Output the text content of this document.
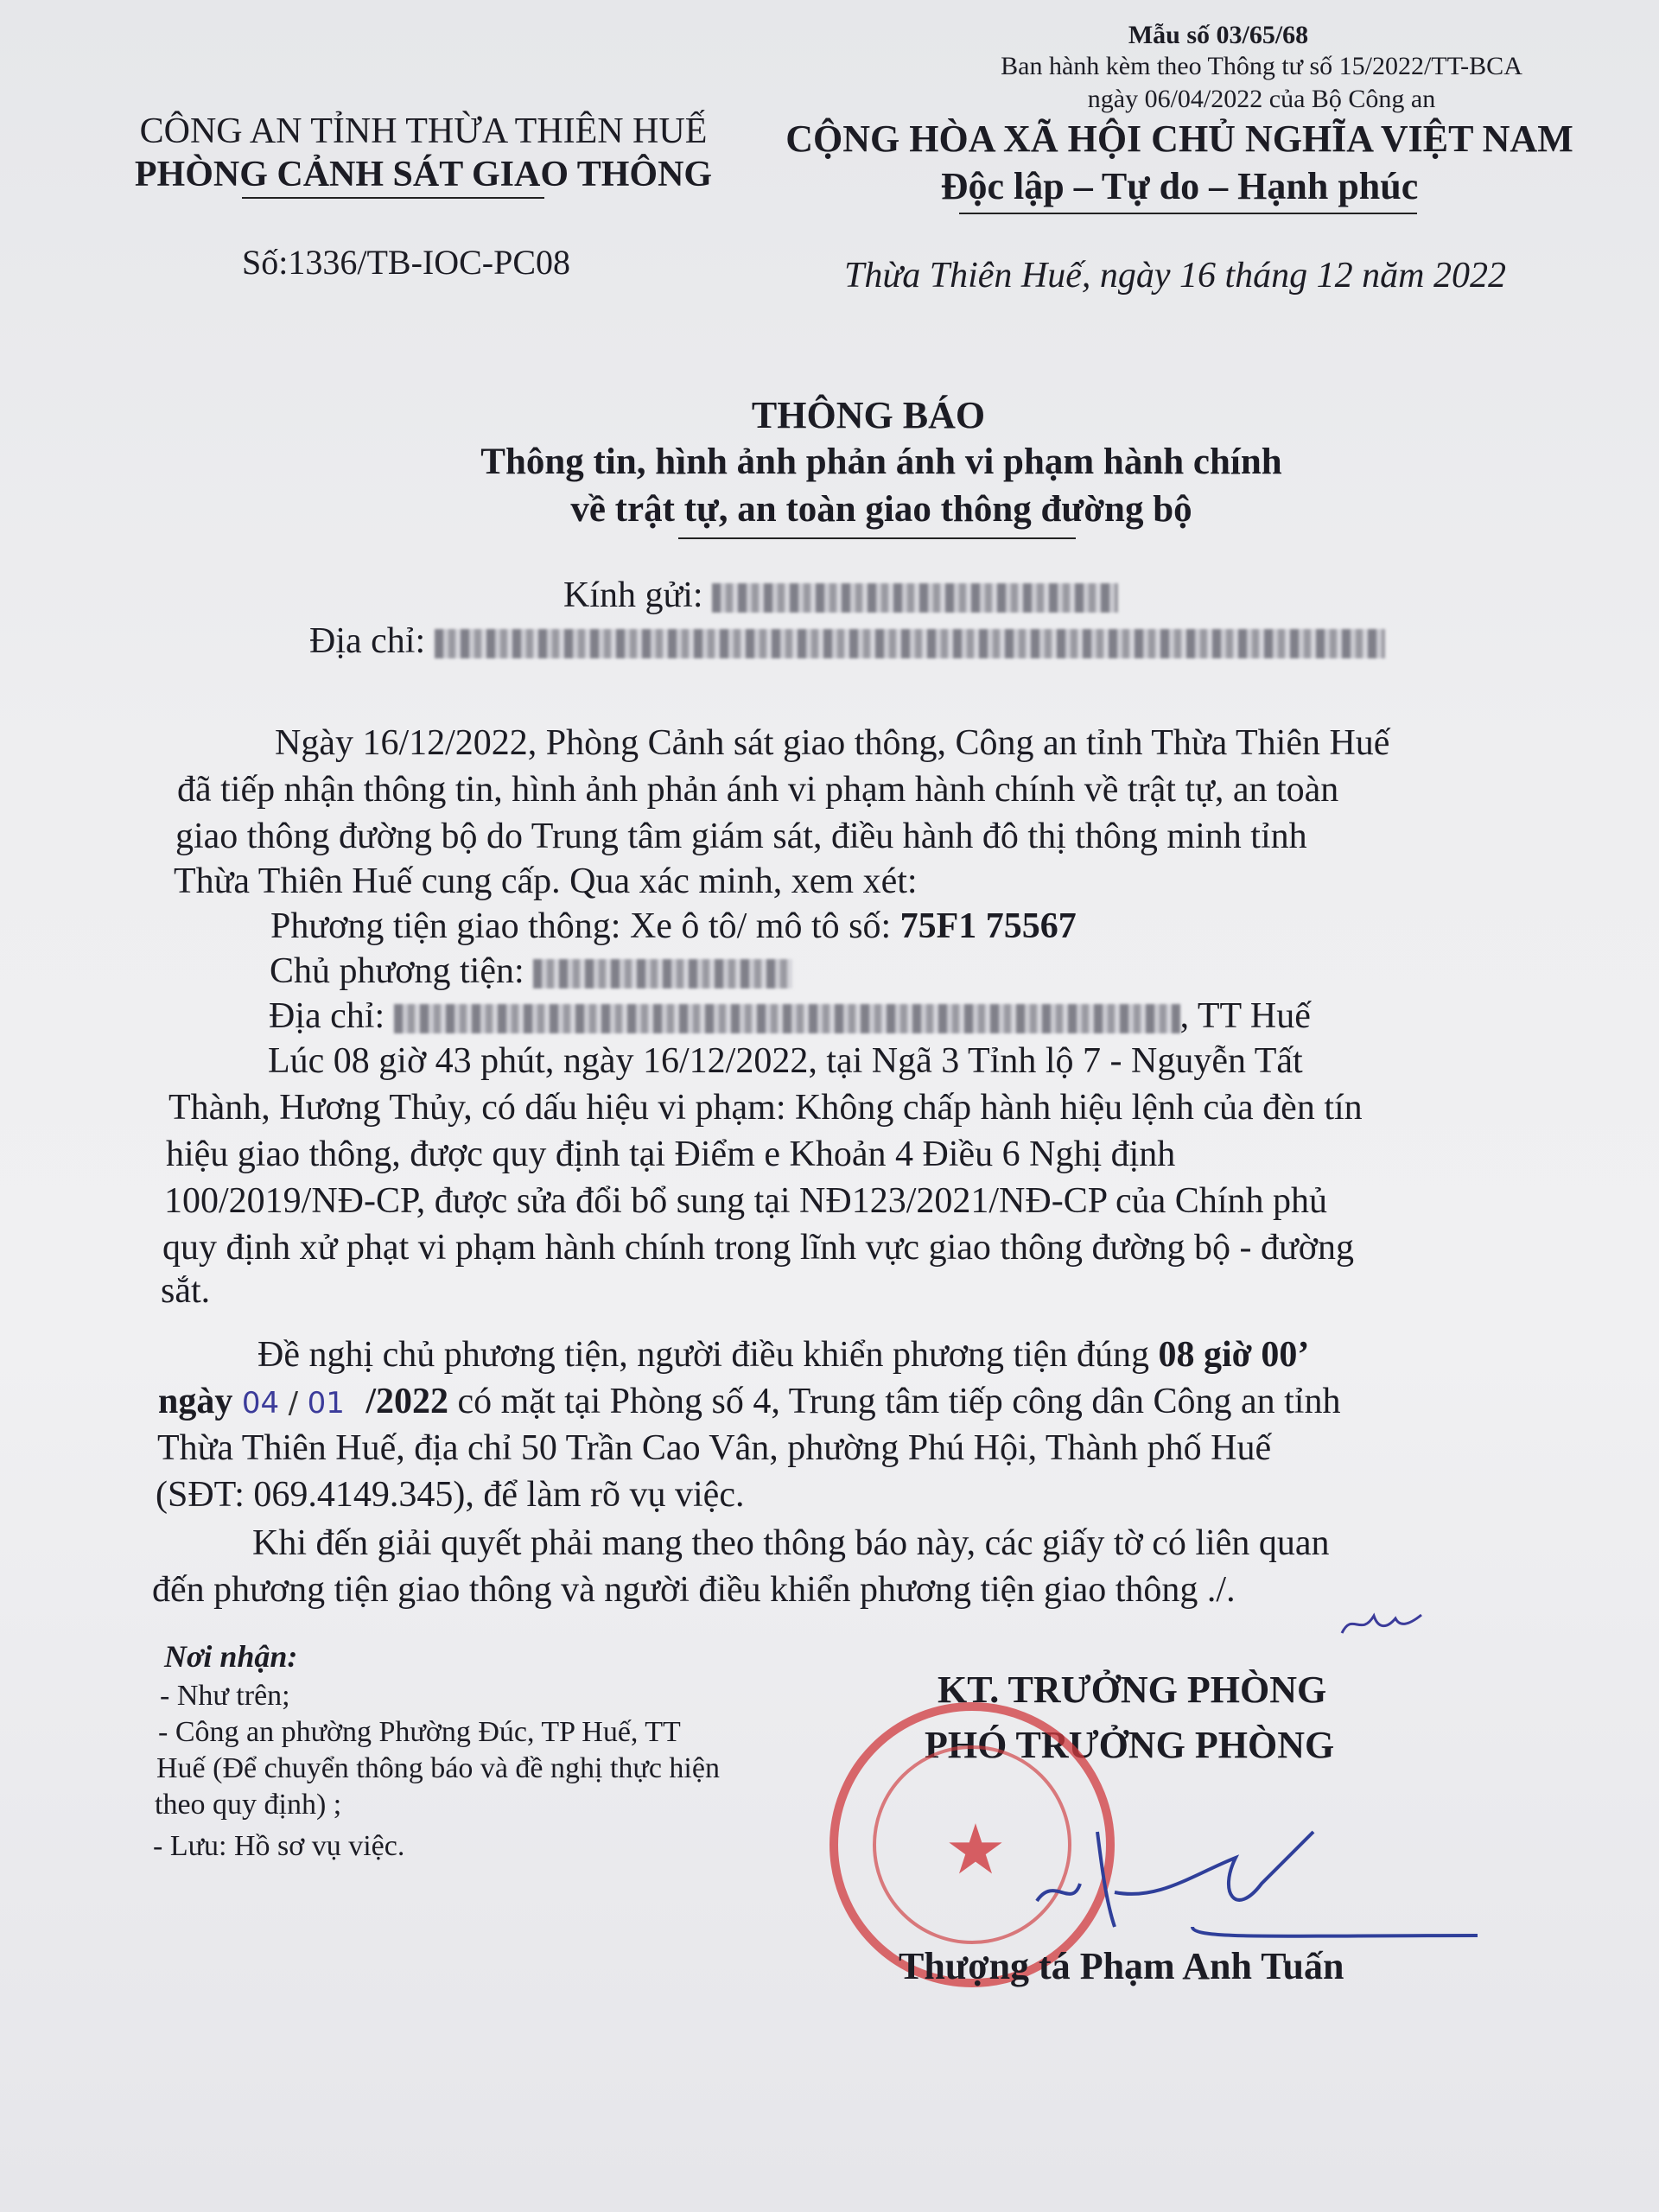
Mẫu số 03/65/68
Ban hành kèm theo Thông tư số 15/2022/TT-BCA
ngày 06/04/2022 của Bộ Công an
CÔNG AN TỈNH THỪA THIÊN HUẾ
PHÒNG CẢNH SÁT GIAO THÔNG
Số:1336/TB-IOC-PC08
CỘNG HÒA XÃ HỘI CHỦ NGHĨA VIỆT NAM
Độc lập – Tự do – Hạnh phúc
Thừa Thiên Huế, ngày 16 tháng 12 năm 2022
THÔNG BÁO
Thông tin, hình ảnh phản ánh vi phạm hành chính
về trật tự, an toàn giao thông đường bộ
Kính gửi:
Địa chỉ:
Ngày 16/12/2022, Phòng Cảnh sát giao thông, Công an tỉnh Thừa Thiên Huế
đã tiếp nhận thông tin, hình ảnh phản ánh vi phạm hành chính về trật tự, an toàn
giao thông đường bộ do Trung tâm giám sát, điều hành đô thị thông minh tỉnh
Thừa Thiên Huế cung cấp. Qua xác minh, xem xét:
Phương tiện giao thông: Xe ô tô/ mô tô số: 75F1 75567
Chủ phương tiện:
Địa chỉ:	, TT Huế
Lúc 08 giờ 43 phút, ngày 16/12/2022, tại Ngã 3 Tỉnh lộ 7 - Nguyễn Tất
Thành, Hương Thủy, có dấu hiệu vi phạm: Không chấp hành hiệu lệnh của đèn tín
hiệu giao thông, được quy định tại Điểm e Khoản 4 Điều 6 Nghị định
100/2019/NĐ-CP, được sửa đổi bổ sung tại NĐ123/2021/NĐ-CP của Chính phủ
quy định xử phạt vi phạm hành chính trong lĩnh vực giao thông đường bộ - đường
sắt.
Đề nghị chủ phương tiện, người điều khiển phương tiện đúng 08 giờ 00’
ngày 04 / 01 /2022 có mặt tại Phòng số 4, Trung tâm tiếp công dân Công an tỉnh
Thừa Thiên Huế, địa chỉ 50 Trần Cao Vân, phường Phú Hội, Thành phố Huế
(SĐT: 069.4149.345), để làm rõ vụ việc.
Khi đến giải quyết phải mang theo thông báo này, các giấy tờ có liên quan
đến phương tiện giao thông và người điều khiển phương tiện giao thông ./.
Nơi nhận:
- Như trên;
- Công an phường Phường Đúc, TP Huế, TT
Huế (Để chuyển thông báo và đề nghị thực hiện
theo quy định) ;
- Lưu: Hồ sơ vụ việc.
KT. TRƯỞNG PHÒNG
PHÓ TRƯỞNG PHÒNG
★
Thượng tá Phạm Anh Tuấn
